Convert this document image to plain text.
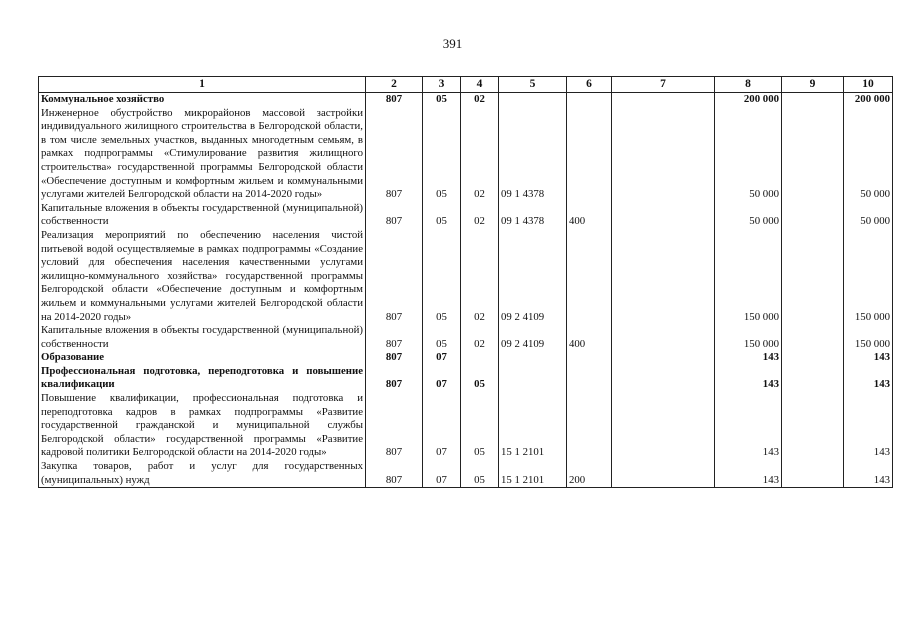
391
1	2	3	4	5	6	7	8	9	10
Коммунальное хозяйство	807	05	02				200 000		200 000
Инженерное обустройство микрорайонов массовой застройки индивидуального жилищного строительства в Белгородской области, в том числе земельных участков, выданных многодетным семьям, в рамках подпрограммы «Стимулирование развития жилищного строительства» государственной программы Белгородской области «Обеспечение доступным и комфортным жильем и коммунальными услугами жителей Белгородской области на 2014-2020 годы»	807	05	02	09 1 4378			50 000		50 000
Капитальные вложения в объекты государственной (муниципальной) собственности	807	05	02	09 1 4378	400		50 000		50 000
Реализация мероприятий по обеспечению населения чистой питьевой водой осуществляемые в рамках подпрограммы «Создание условий для обеспечения населения качественными услугами жилищно-коммунального хозяйства» государственной программы Белгородской области «Обеспечение доступным и комфортным жильем и коммунальными услугами жителей Белгородской области на 2014-2020 годы»	807	05	02	09 2 4109			150 000		150 000
Капитальные вложения в объекты государственной (муниципальной) собственности	807	05	02	09 2 4109	400		150 000		150 000
Образование	807	07					143		143
Профессиональная подготовка, переподготовка и повышение квалификации	807	07	05				143		143
Повышение квалификации, профессиональная подготовка и переподготовка кадров в рамках подпрограммы «Развитие государственной гражданской и муниципальной службы Белгородской области» государственной программы «Развитие кадровой политики Белгородской области на 2014-2020 годы»	807	07	05	15 1 2101			143		143
Закупка товаров, работ и услуг для государственных (муниципальных) нужд	807	07	05	15 1 2101	200		143		143
